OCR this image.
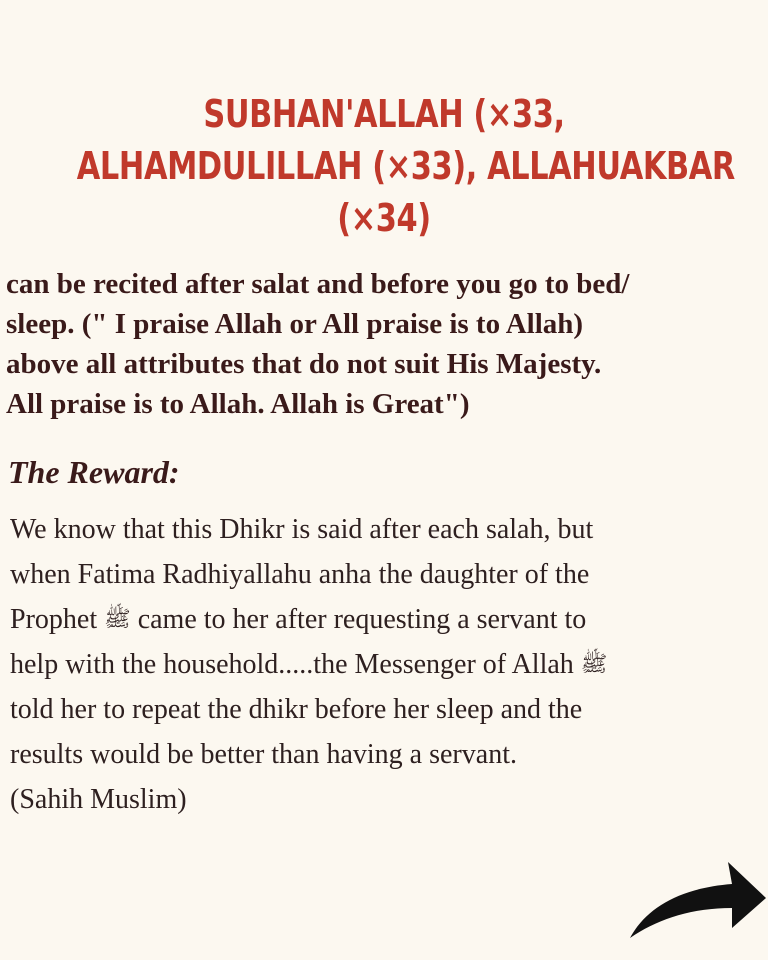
SUBHAN'ALLAH (×33,
ALHAMDULILLAH (×33), ALLAHUAKBAR
(×34)
can be recited after salat and before you go to bed/
sleep. (" I praise Allah or All praise is to Allah)
above all attributes that do not suit His Majesty.
All praise is to Allah. Allah is Great")
The Reward:
We know that this Dhikr is said after each salah, but
when Fatima Radhiyallahu anha the daughter of the
Prophet ﷺ came to her after requesting a servant to
help with the household.....the Messenger of Allah ﷺ
told her to repeat the dhikr before her sleep and the
results would be better than having a servant.
(Sahih Muslim)
